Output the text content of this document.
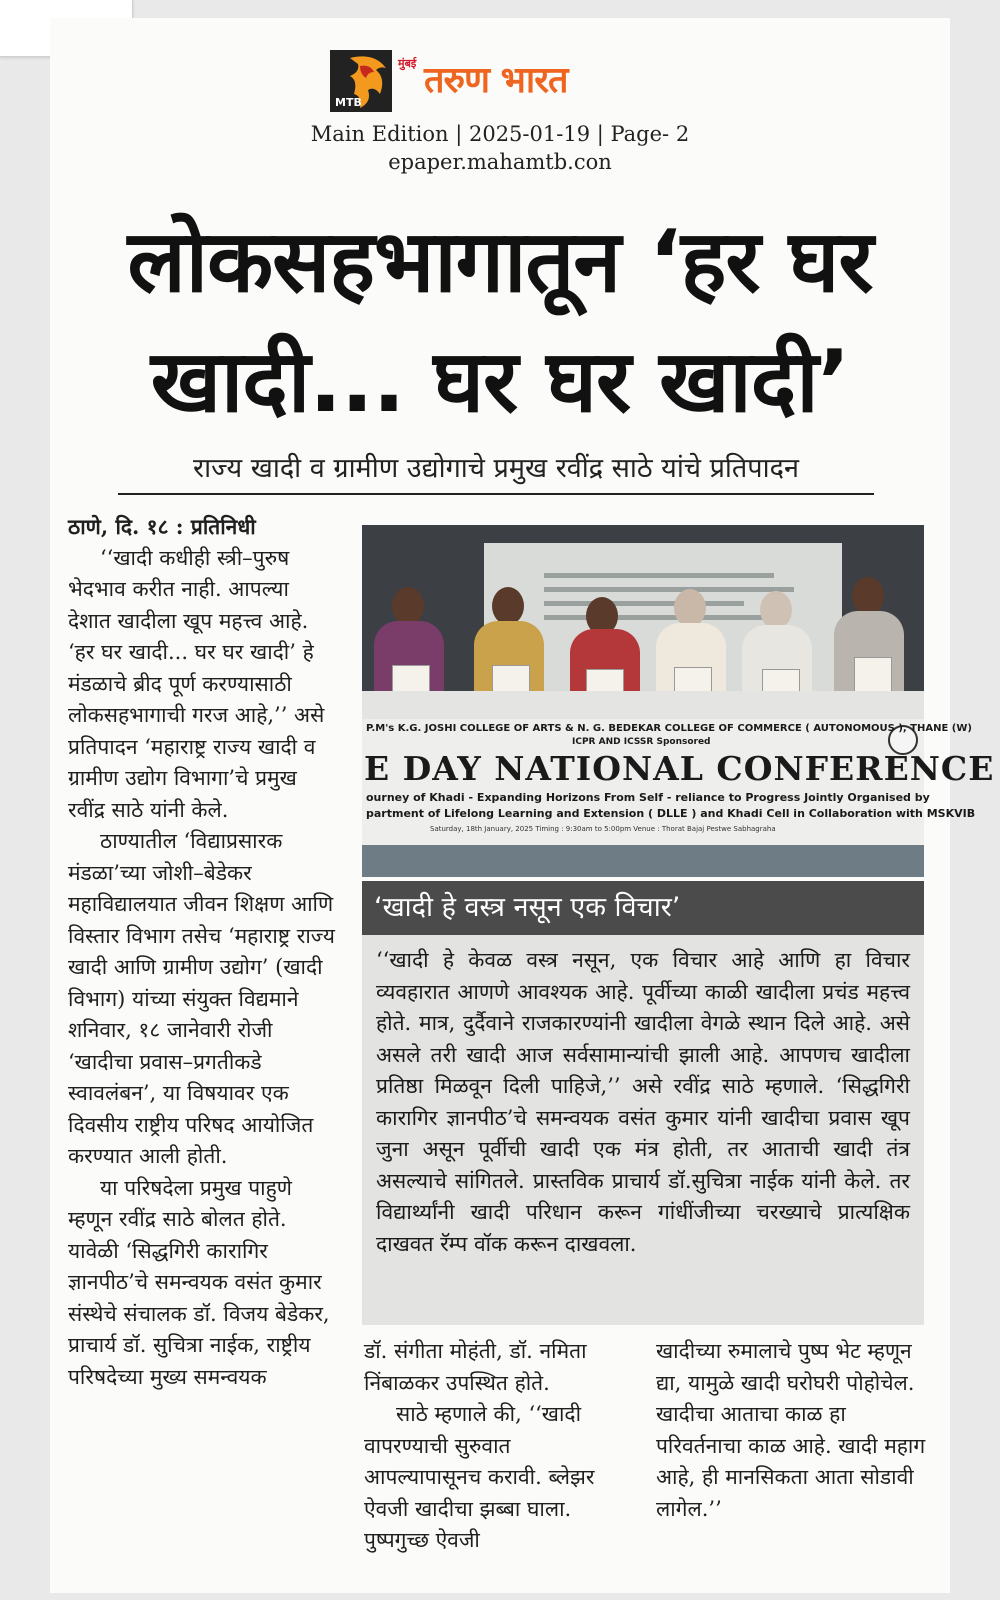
MTB
मुंबई तरुण भारत
Main Edition | 2025-01-19 | Page- 2
epaper.mahamtb.con
लोकसहभागातून ‘हर घर
खादी... घर घर खादी’
राज्य खादी व ग्रामीण उद्योगाचे प्रमुख रवींद्र साठे यांचे प्रतिपादन

ठाणे, दि. १८ : प्रतिनिधी

‘‘खादी कधीही स्त्री–पुरुष भेदभाव करीत नाही. आपल्या देशात खादीला खूप महत्त्व आहे. ‘हर घर खादी... घर घर खादी’ हे मंडळाचे ब्रीद पूर्ण करण्यासाठी लोकसहभागाची गरज आहे,’’ असे प्रतिपादन ‘महाराष्ट्र राज्य खादी व ग्रामीण उद्योग विभागा’चे प्रमुख रवींद्र साठे यांनी केले.

ठाण्यातील ‘विद्याप्रसारक मंडळा’च्या जोशी–बेडेकर महाविद्यालयात जीवन शिक्षण आणि विस्तार विभाग तसेच ‘महाराष्ट्र राज्य खादी आणि ग्रामीण उद्योग’ (खादी विभाग) यांच्या संयुक्त विद्यमाने शनिवार, १८ जानेवारी रोजी ‘खादीचा प्रवास–प्रगतीकडे स्वावलंबन’, या विषयावर एक दिवसीय राष्ट्रीय परिषद आयोजित करण्यात आली होती.

या परिषदेला प्रमुख पाहुणे म्हणून रवींद्र साठे बोलत होते. यावेळी ‘सिद्धगिरी कारागिर ज्ञानपीठ’चे समन्वयक वसंत कुमार संस्थेचे संचालक डॉ. विजय बेडेकर, प्राचार्य डॉ. सुचित्रा नाईक, राष्ट्रीय परिषदेच्या मुख्य समन्वयक

P.M's K.G. JOSHI COLLEGE OF ARTS & N. G. BEDEKAR COLLEGE OF COMMERCE ( AUTONOMOUS ), THANE (W)
ICPR AND ICSSR Sponsored
E DAY NATIONAL CONFERENCE
ourney of Khadi - Expanding Horizons From Self - reliance to Progress Jointly Organised by
partment of Lifelong Learning and Extension ( DLLE ) and Khadi Cell in Collaboration with MSKVIB
Saturday, 18th January, 2025 Timing : 9:30am to 5:00pm Venue : Thorat Bajaj Pestwe Sabhagraha
‘खादी हे वस्त्र नसून एक विचार’

‘‘खादी हे केवळ वस्त्र नसून, एक विचार आहे आणि हा विचार व्यवहारात आणणे आवश्यक आहे. पूर्वीच्या काळी खादीला प्रचंड महत्त्व होते. मात्र, दुर्दैवाने राजकारण्यांनी खादीला वेगळे स्थान दिले आहे. असे असले तरी खादी आज सर्वसामान्यांची झाली आहे. आपणच खादीला प्रतिष्ठा मिळवून दिली पाहिजे,’’ असे रवींद्र साठे म्हणाले. ‘सिद्धगिरी कारागिर ज्ञानपीठ’चे समन्वयक वसंत कुमार यांनी खादीचा प्रवास खूप जुना असून पूर्वीची खादी एक मंत्र होती, तर आताची खादी तंत्र असल्याचे सांगितले. प्रास्तविक प्राचार्य डॉ.सुचित्रा नाईक यांनी केले. तर विद्यार्थ्यांनी खादी परिधान करून गांधींजीच्या चरख्याचे प्रात्यक्षिक दाखवत रॅम्प वॉक करून दाखवला.

डॉ. संगीता मोहंती, डॉ. नमिता निंबाळकर उपस्थित होते.

साठे म्हणाले की, ‘‘खादी वापरण्याची सुरुवात आपल्यापासूनच करावी. ब्लेझर ऐवजी खादीचा झब्बा घाला. पुष्पगुच्छ ऐवजी

खादीच्या रुमालाचे पुष्प भेट म्हणून द्या, यामुळे खादी घरोघरी पोहोचेल. खादीचा आताचा काळ हा परिवर्तनाचा काळ आहे. खादी महाग आहे, ही मानसिकता आता सोडावी लागेल.’’
